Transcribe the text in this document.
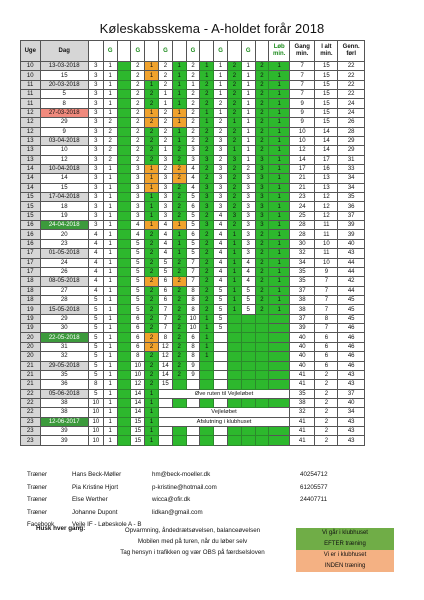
Køleskabsskema - A-holdet forår 2018
Uge	Dag		G		G		G		G		G		G		Løb min.	Gang min.	I alt min.	Genn. førl
10	13-03-2018	3	1		2	1	2	1	2	1	1	2	1	2	1	7	15	22
10	15	3	1		2	1	2	1	2	1	1	2	1	2	1	7	15	22
11	20-03-2018	3	1		2	1	2	1	1	2	1	2	1	2	1	7	15	22
11	5	3	1		2	2	1	1	2	2	1	2	1	2	1	7	15	22
11	8	3	1		2	2	1	1	2	2	2	2	1	2	1	9	15	24
12	27-03-2018	3	1		2	1	2	1	2	1	1	2	1	2	1	9	15	24
12	29	3	2		2	2	2	1	2	1	2	1	1	2	1	9	15	26
12	9	3	2		2	2	2	1	2	2	2	2	1	2	1	10	14	28
13	03-04-2018	3	2		2	2	2	1	2	2	3	2	1	2	1	10	14	29
13	10	3	2		2	2	1	2	3	2	3	1	1	2	1	12	14	29
13	12	3	2		2	2	3	2	3	3	2	3	1	3	1	14	17	31
14	10-04-2018	3	1		3	1	2	2	4	2	3	2	2	3	1	17	16	33
14	14	3	1		3	1	3	2	4	2	3	2	3	3	1	21	13	34
14	15	3	1		3	1	3	2	4	3	3	2	3	3	1	21	13	34
15	17-04-2018	3	1		3	1	3	2	5	3	3	2	3	3	1	23	12	35
15	18	3	1		3	1	3	2	6	3	3	2	3	3	1	24	12	36
15	19	3	1		3	1	3	2	5	2	4	3	3	3	1	25	12	37
16	24-04-2018	3	1		4	1	4	1	5	3	4	2	3	3	1	28	11	39
16	20	4	1		4	2	4	1	6	2	4	1	3	2	1	28	11	39
16	23	4	1		5	2	4	1	5	2	4	1	3	2	1	30	10	40
17	01-05-2018	4	1		5	2	4	1	5	2	4	1	3	2	1	32	11	43
17	24	4	1		5	2	5	2	7	2	4	1	4	2	1	34	10	44
17	26	4	1		5	2	5	2	7	2	4	1	4	2	1	35	9	44
18	08-05-2018	4	1		5	2	6	2	7	2	4	1	4	2	1	35	7	42
18	27	4	1		5	2	6	2	8	2	5	1	5	2	1	37	7	44
18	28	5	1		5	2	6	2	8	2	5	1	5	2	1	38	7	45
19	15-05-2018	5	1		5	2	7	2	8	2	5	1	5	2	1	38	7	45
19	29	5	1		6	2	7	2	10	1	5					37	8	45
19	30	5	1		6	2	7	2	10	1	5					39	7	46
20	22-05-2018	5	1		6	2	8	2	6	1						40	6	46
20	31	5	1		6	2	12	2	8	1						40	6	46
20	32	5	1		8	2	12	2	8	1						40	6	46
21	29-05-2018	5	1		10	2	14	2	9							40	6	46
21	35	5	1		10	2	14	2	9							41	2	43
21	36	8	1		12	2	15									41	2	43
22	05-06-2018	5	1		14	1	Øve ruten til Vejleløbet									35	2	37
22	38	10	1		14	1										38	2	40
22	38	10	1		14	1	Vejleløbet									32	2	34
23	12-06-2017	10	1		15	1	Afslutning i klubhuset									41	2	43
23	39	10	1		15	1										41	2	43
23	39	10	1		15	1										41	2	43
Træner	Hans Beck-Møller	hm@beck-moeller.dk	40254712
Træner	Pia Kristine Hjort	p-kristine@hotmail.com	61205577
Træner	Else Werther	wicca@ofir.dk	24407711
Træner	Johanne Dupont	lidkan@gmail.com
Facebook	Vejle IF - Løbeskole A - B
Husk hver gang:	Opvarmning, åndedrætsøvelsen, balanceøvelsen
Mobilen med på turen, når du løber selv
Tag hensyn i trafikken og vær OBS på færdselsloven
Vi går i klubhuset
EFTER træning
Vi er i klubhuset
INDEN træning
